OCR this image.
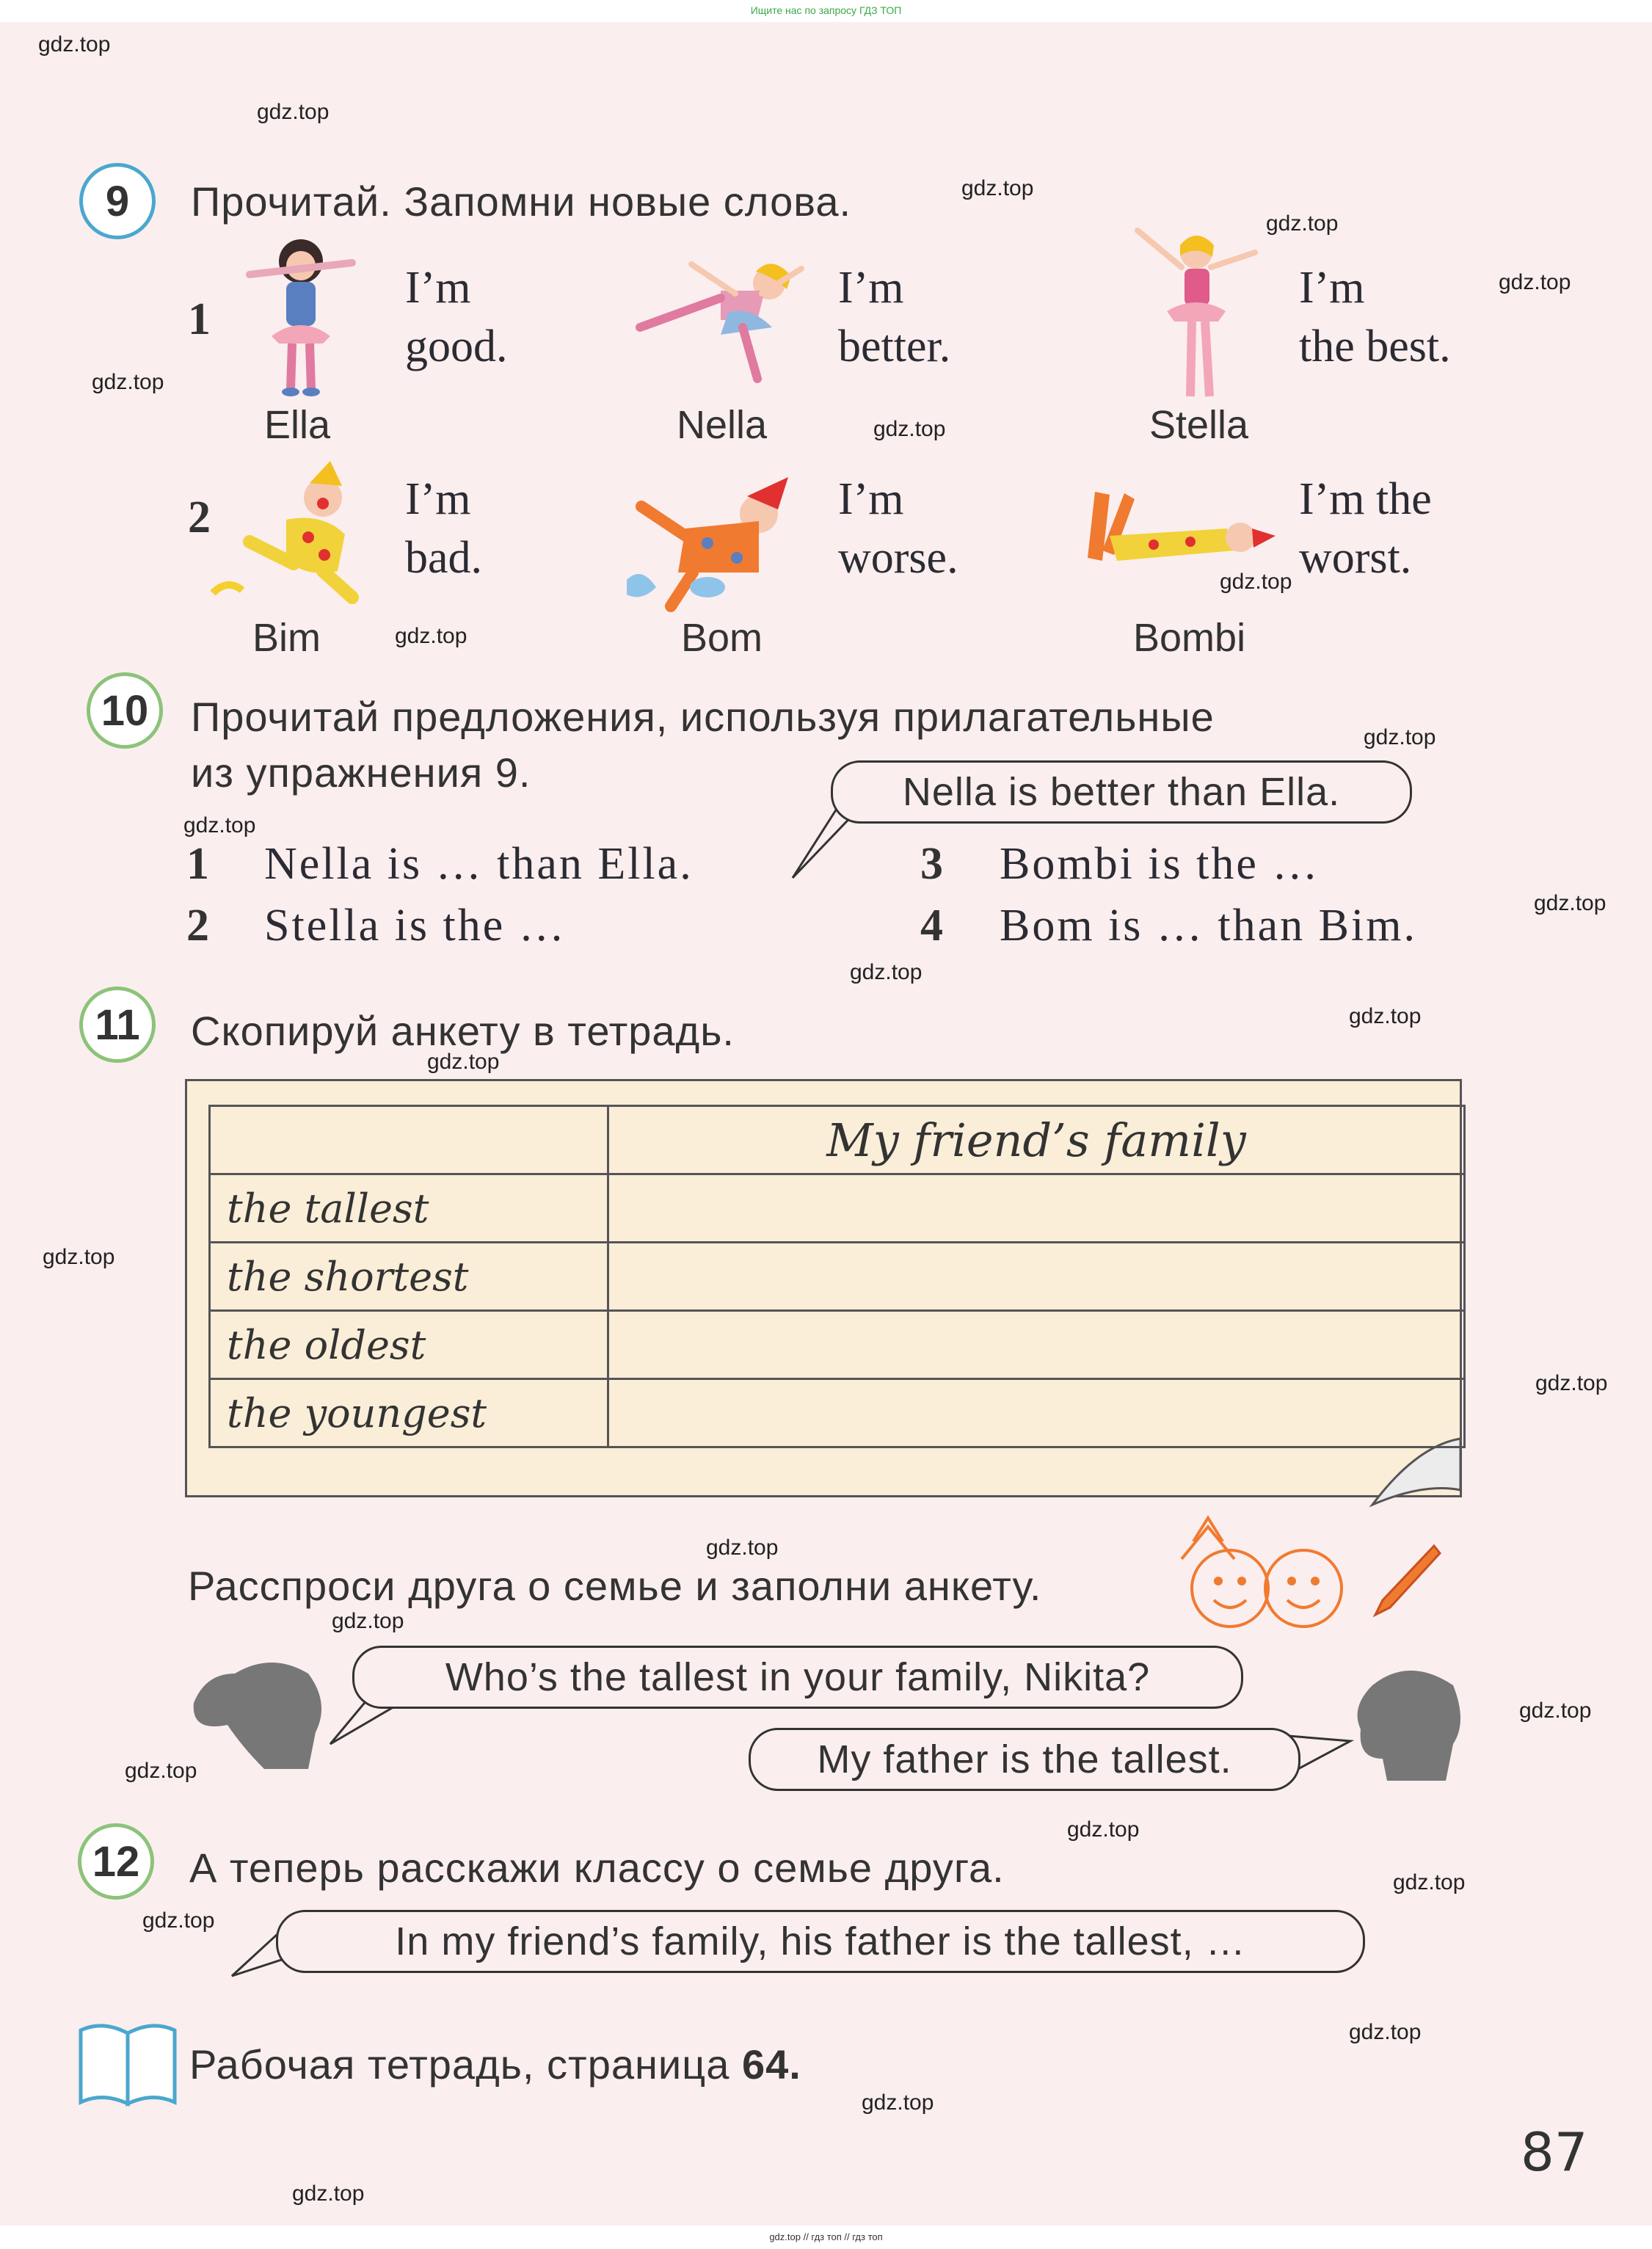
Ищите нас по запросу ГДЗ ТОП
gdz.top // гдз топ // гдз топ
gdz.top
gdz.top
gdz.top
gdz.top
gdz.top
gdz.top
gdz.top
gdz.top
gdz.top
gdz.top
gdz.top
gdz.top
gdz.top
gdz.top
gdz.top
gdz.top
gdz.top
gdz.top
gdz.top
gdz.top
gdz.top
gdz.top
gdz.top
gdz.top
gdz.top
gdz.top
gdz.top
9	Прочитай. Запомни новые слова.
1
2
I’m
good.
Ella
I’m
better.
Nella
I’m
the best.
Stella
I’m
bad.
Bim
I’m
worse.
Bom
I’m the
worst.
Bombi
10	Прочитай предложения, используя прилагательные
из упражнения 9.	Nella is better than Ella.
1 Nella is … than Ella.
2 Stella is the …
3 Bombi is the …
4 Bom is … than Bim.
11	Скопируй анкету в тетрадь.
	My friend’s family
the tallest	
the shortest	
the oldest	
the youngest	
Расспроси друга о семье и заполни анкету.
Who’s the tallest in your family, Nikita?
My father is the tallest.
12	А теперь расскажи классу о семье друга.
In my friend’s family, his father is the tallest, …
Рабочая тетрадь, страница 64.
87
